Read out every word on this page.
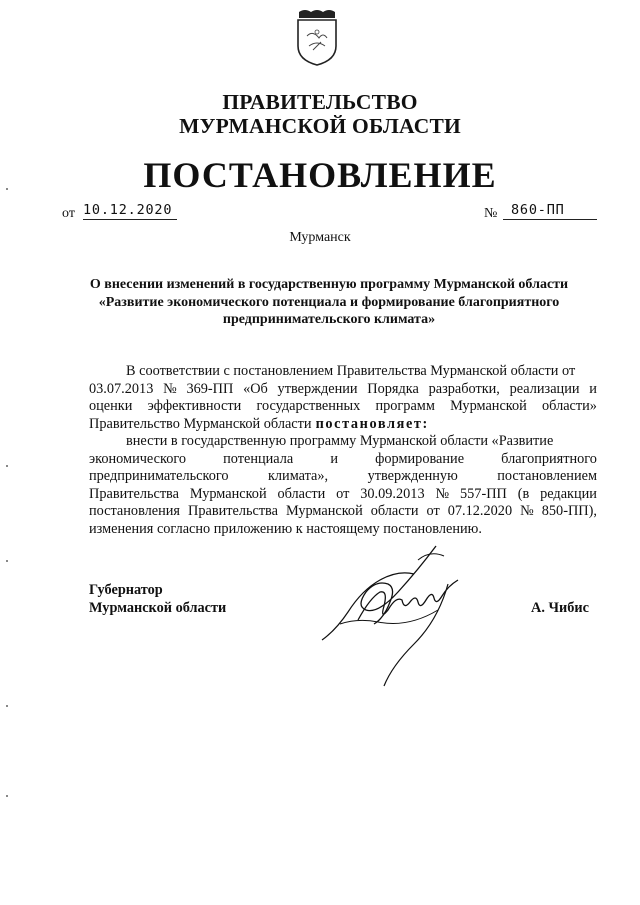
ПРАВИТЕЛЬСТВО
МУРМАНСКОЙ ОБЛАСТИ
ПОСТАНОВЛЕНИЕ
от 10.12.2020	№	860-ПП
Мурманск
О внесении изменений в государственную программу Мурманской области
«Развитие экономического потенциала и формирование благоприятного
предпринимательского климата»
В соответствии с постановлением Правительства Мурманской области от
03.07.2013 № 369-ПП «Об утверждении Порядка разработки, реализации и
оценки эффективности государственных программ Мурманской области»
Правительство Мурманской области постановляет:
внести в государственную программу Мурманской области «Развитие
экономического	потенциала	и	формирование	благоприятного
предпринимательского	климата»,	утвержденную	постановлением
Правительства Мурманской области от 30.09.2013 № 557-ПП (в редакции
постановления Правительства Мурманской области от 07.12.2020 № 850-ПП),
изменения согласно приложению к настоящему постановлению.
Губернатор
Мурманской области	А. Чибис
